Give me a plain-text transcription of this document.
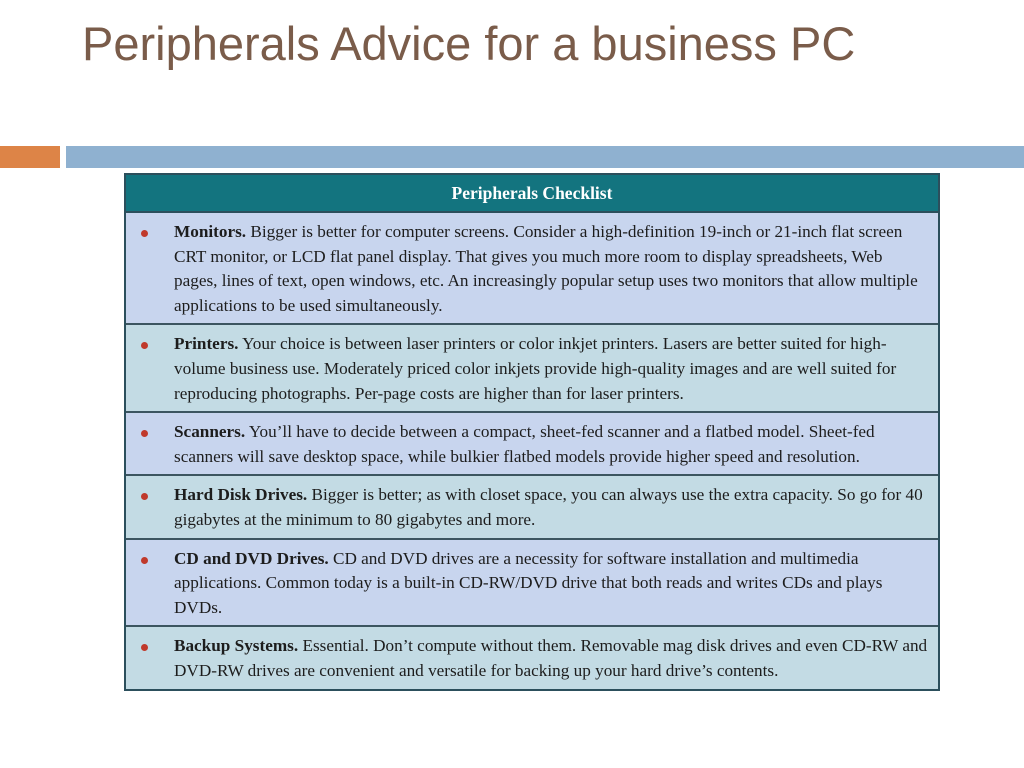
Peripherals Advice for a business PC
Peripherals Checklist
Monitors. Bigger is better for computer screens. Consider a high-definition 19-inch or 21-inch flat screen CRT monitor, or LCD flat panel display. That gives you much more room to display spreadsheets, Web pages, lines of text, open windows, etc. An increasingly popular setup uses two monitors that allow multiple applications to be used simultaneously.
Printers. Your choice is between laser printers or color inkjet printers. Lasers are better suited for high-volume business use. Moderately priced color inkjets provide high-quality images and are well suited for reproducing photographs. Per-page costs are higher than for laser printers.
Scanners. You’ll have to decide between a compact, sheet-fed scanner and a flatbed model. Sheet-fed scanners will save desktop space, while bulkier flatbed models provide higher speed and resolution.
Hard Disk Drives. Bigger is better; as with closet space, you can always use the extra capacity. So go for 40 gigabytes at the minimum to 80 gigabytes and more.
CD and DVD Drives. CD and DVD drives are a necessity for software installation and multimedia applications. Common today is a built-in CD-RW/DVD drive that both reads and writes CDs and plays DVDs.
Backup Systems. Essential. Don’t compute without them. Removable mag disk drives and even CD-RW and DVD-RW drives are convenient and versatile for backing up your hard drive’s contents.
